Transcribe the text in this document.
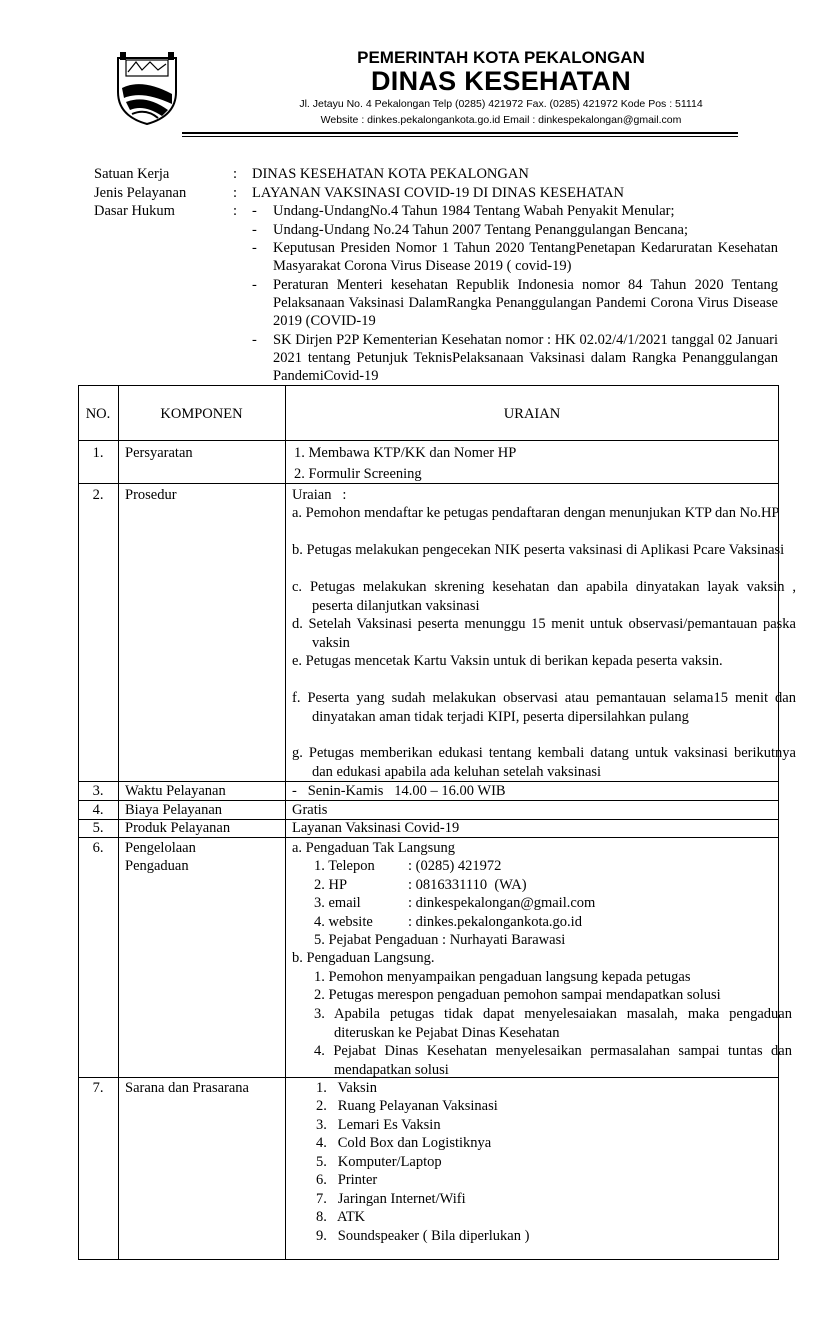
PEMERINTAH KOTA PEKALONGAN
DINAS KESEHATAN
Jl. Jetayu No. 4 Pekalongan Telp (0285) 421972 Fax. (0285) 421972 Kode Pos : 51114
Website : dinkes.pekalongankota.go.id Email : dinkespekalongan@gmail.com
Satuan Kerja	: DINAS KESEHATAN KOTA PEKALONGAN
Jenis Pelayanan	: LAYANAN VAKSINASI COVID-19 DI DINAS KESEHATAN
Dasar Hukum	: - Undang-UndangNo.4 Tahun 1984 Tentang Wabah Penyakit Menular;
- Undang-Undang No.24 Tahun 2007 Tentang Penanggulangan Bencana;
- Keputusan Presiden Nomor 1 Tahun 2020 TentangPenetapan Kedaruratan Kesehatan Masyarakat Corona Virus Disease 2019 ( covid-19)
- Peraturan Menteri kesehatan Republik Indonesia nomor 84 Tahun 2020 Tentang Pelaksanaan Vaksinasi DalamRangka Penanggulangan Pandemi Corona Virus Disease 2019 (COVID-19
- SK Dirjen P2P Kementerian Kesehatan nomor : HK 02.02/4/1/2021 tanggal 02 Januari 2021 tentang Petunjuk TeknisPelaksanaan Vaksinasi dalam Rangka Penanggulangan PandemiCovid-19
NO.	KOMPONEN	URAIAN
1.	Persyaratan	1. Membawa KTP/KK dan Nomer HP
2. Formulir Screening
2.	Prosedur	Uraian   :
a. Pemohon mendaftar ke petugas pendaftaran dengan menunjukan KTP dan No.HP
b. Petugas melakukan pengecekan NIK peserta vaksinasi di Aplikasi Pcare Vaksinasi
c. Petugas melakukan skrening kesehatan dan apabila dinyatakan layak vaksin , peserta dilanjutkan vaksinasi
d. Setelah Vaksinasi peserta menunggu 15 menit untuk observasi/pemantauan paska vaksin
e. Petugas mencetak Kartu Vaksin untuk di berikan kepada peserta vaksin.
f. Peserta yang sudah melakukan observasi atau pemantauan selama15 menit dan dinyatakan aman tidak terjadi KIPI, peserta dipersilahkan pulang
g. Petugas memberikan edukasi tentang kembali datang untuk vaksinasi berikutnya dan edukasi apabila ada keluhan setelah vaksinasi
3.	Waktu Pelayanan	-   Senin-Kamis   14.00 – 16.00 WIB
4.	Biaya Pelayanan	Gratis
5.	Produk Pelayanan	Layanan Vaksinasi Covid-19
6.	Pengelolaan
Pengaduan
a. Pengaduan Tak Langsung
1. Telepon : (0285) 421972
2. HP	: 0816331110  (WA)
3. email	: dinkespekalongan@gmail.com
4. website : dinkes.pekalongankota.go.id
5. Pejabat Pengaduan : Nurhayati Barawasi
b. Pengaduan Langsung.
1. Pemohon menyampaikan pengaduan langsung kepada petugas
2. Petugas merespon pengaduan pemohon sampai mendapatkan solusi
3. Apabila petugas tidak dapat menyelesaiakan masalah, maka pengaduan diteruskan ke Pejabat Dinas Kesehatan
4. Pejabat Dinas Kesehatan menyelesaikan permasalahan sampai tuntas dan mendapatkan solusi
7.	Sarana dan Prasarana	1.   Vaksin
2.   Ruang Pelayanan Vaksinasi
3.   Lemari Es Vaksin
4.   Cold Box dan Logistiknya
5.   Komputer/Laptop
6.   Printer
7.   Jaringan Internet/Wifi
8.   ATK
9.   Soundspeaker ( Bila diperlukan )
